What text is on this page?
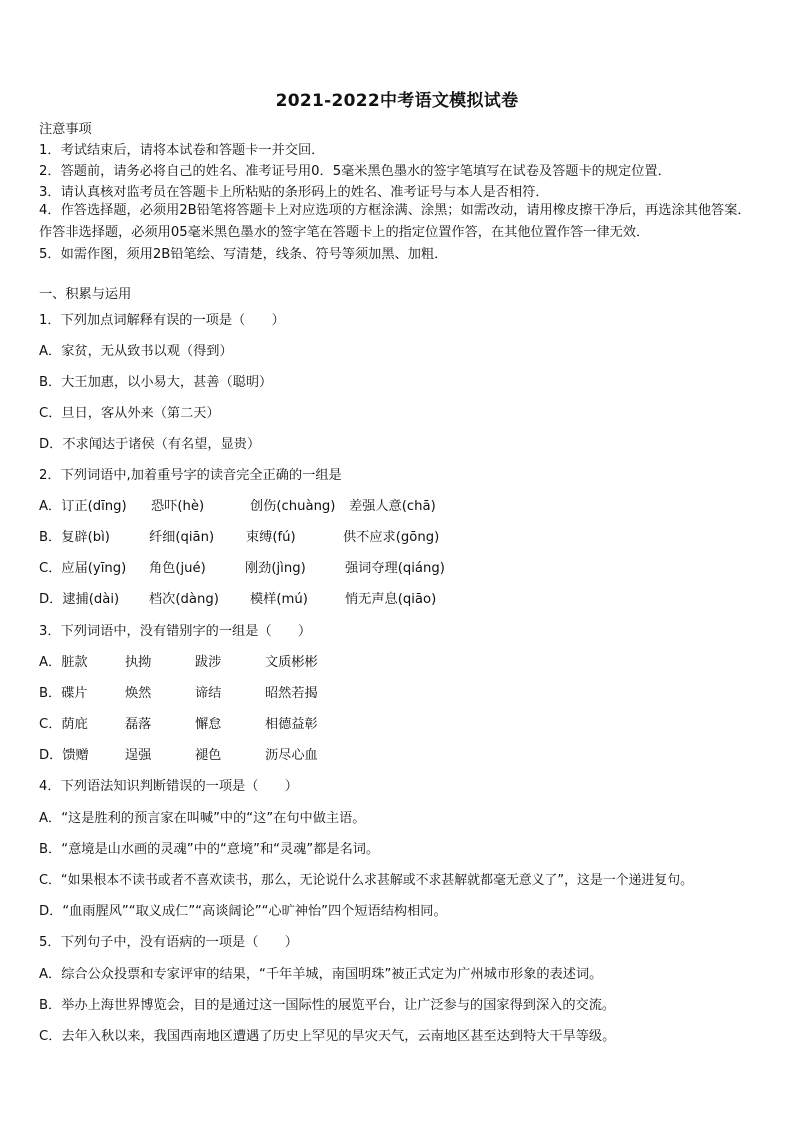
2021-2022中考语文模拟试卷
注意事项
1．考试结束后，请将本试卷和答题卡一并交回．
2．答题前，请务必将自己的姓名、准考证号用0．5毫米黑色墨水的签字笔填写在试卷及答题卡的规定位置．
3．请认真核对监考员在答题卡上所粘贴的条形码上的姓名、准考证号与本人是否相符．
4．作答选择题，必须用2B铅笔将答题卡上对应选项的方框涂满、涂黑；如需改动，请用橡皮擦干净后，再选涂其他答案．作答非选择题，必须用05毫米黑色墨水的签字笔在答题卡上的指定位置作答，在其他位置作答一律无效．
5．如需作图，须用2B铅笔绘、写清楚，线条、符号等须加黑、加粗．
一、积累与运用
1．下列加点词解释有误的一项是（　　）
A．家贫，无从致书以观（得到）
B．大王加惠，以小易大，甚善（聪明）
C．旦日，客从外来（第二天）
D．不求闻达于诸侯（有名望，显贵）
2．下列词语中,加着重号字的读音完全正确的一组是
A．订正(dīng) 恐吓(hè)	创伤(chuàng) 差强人意(chā)
B．复辟(bì)	纤细(qiān) 束缚(fú)	供不应求(gōng)
C．应届(yīng) 角色(jué)	刚劲(jìng)	强词夺理(qiáng)
D．逮捕(dài) 档次(dàng) 模样(mú)	悄无声息(qiāo)
3．下列词语中，没有错别字的一组是（　　）
A．脏款	执拗	跋涉	文质彬彬
B．碟片	焕然	谛结	昭然若揭
C．荫庇	磊落	懈怠	相德益彰
D．馈赠	逞强	褪色	沥尽心血
4．下列语法知识判断错误的一项是（　　）
A．“这是胜利的预言家在叫喊”中的“这”在句中做主语。
B．“意境是山水画的灵魂”中的“意境”和“灵魂”都是名词。
C．“如果根本不读书或者不喜欢读书，那么，无论说什么求甚解或不求甚解就都毫无意义了”，这是一个递进复句。
D．“血雨腥风”“取义成仁”“高谈阔论”“心旷神怡”四个短语结构相同。
5．下列句子中，没有语病的一项是（　　）
A．综合公众投票和专家评审的结果，“千年羊城，南国明珠”被正式定为广州城市形象的表述词。
B．举办上海世界博览会，目的是通过这一国际性的展览平台，让广泛参与的国家得到深入的交流。
C．去年入秋以来，我国西南地区遭遇了历史上罕见的旱灾天气，云南地区甚至达到特大干旱等级。
